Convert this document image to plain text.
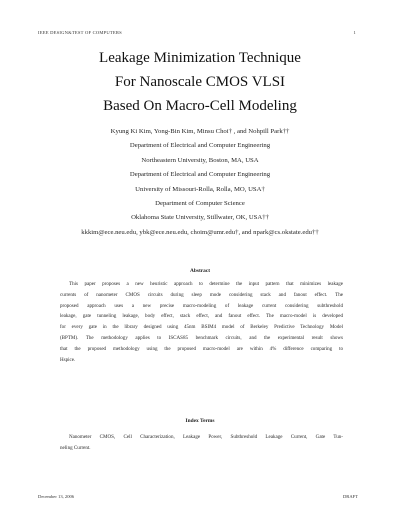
IEEE DESIGN&TEST OF COMPUTERS	1
Leakage Minimization Technique
For Nanoscale CMOS VLSI
Based On Macro-Cell Modeling
Kyung Ki Kim, Yong-Bin Kim, Minsu Choi† , and Nohpill Park††
Department of Electrical and Computer Engineering
Northeastern University, Boston, MA, USA
Department of Electrical and Computer Engineering
University of Missouri-Rolla, Rolla, MO, USA†
Department of Computer Science
Oklahoma State University, Stillwater, OK, USA††
kkkim@ece.neu.edu, ybk@ece.neu.edu, choim@umr.edu†, and npark@cs.okstate.edu††
Abstract
This paper proposes a new heuristic approach to determine the input pattern that minimizes leakage
currents of nanometer CMOS circuits during sleep mode considering stack and fanout effect. The
proposed approach uses a new precise macro-modeling of leakage current considering subthreshold
leakage, gate tunneling leakage, body effect, stack effect, and fanout effect. The macro-model is developed
for every gate in the library designed using 45nm BSIM4 model of Berkeley Predictive Technology Model
(BPTM). The methodology applies to ISCAS85 benchmark circuits, and the experimental result shows
that the proposed methodology using the proposed macro-model are within 4% difference comparing to
Hspice.
Index Terms
Nanometer CMOS, Cell Characterization, Leakage Power, Subthreshold Leakage Current, Gate Tun-
neling Current.
December 13, 2006	DRAFT
